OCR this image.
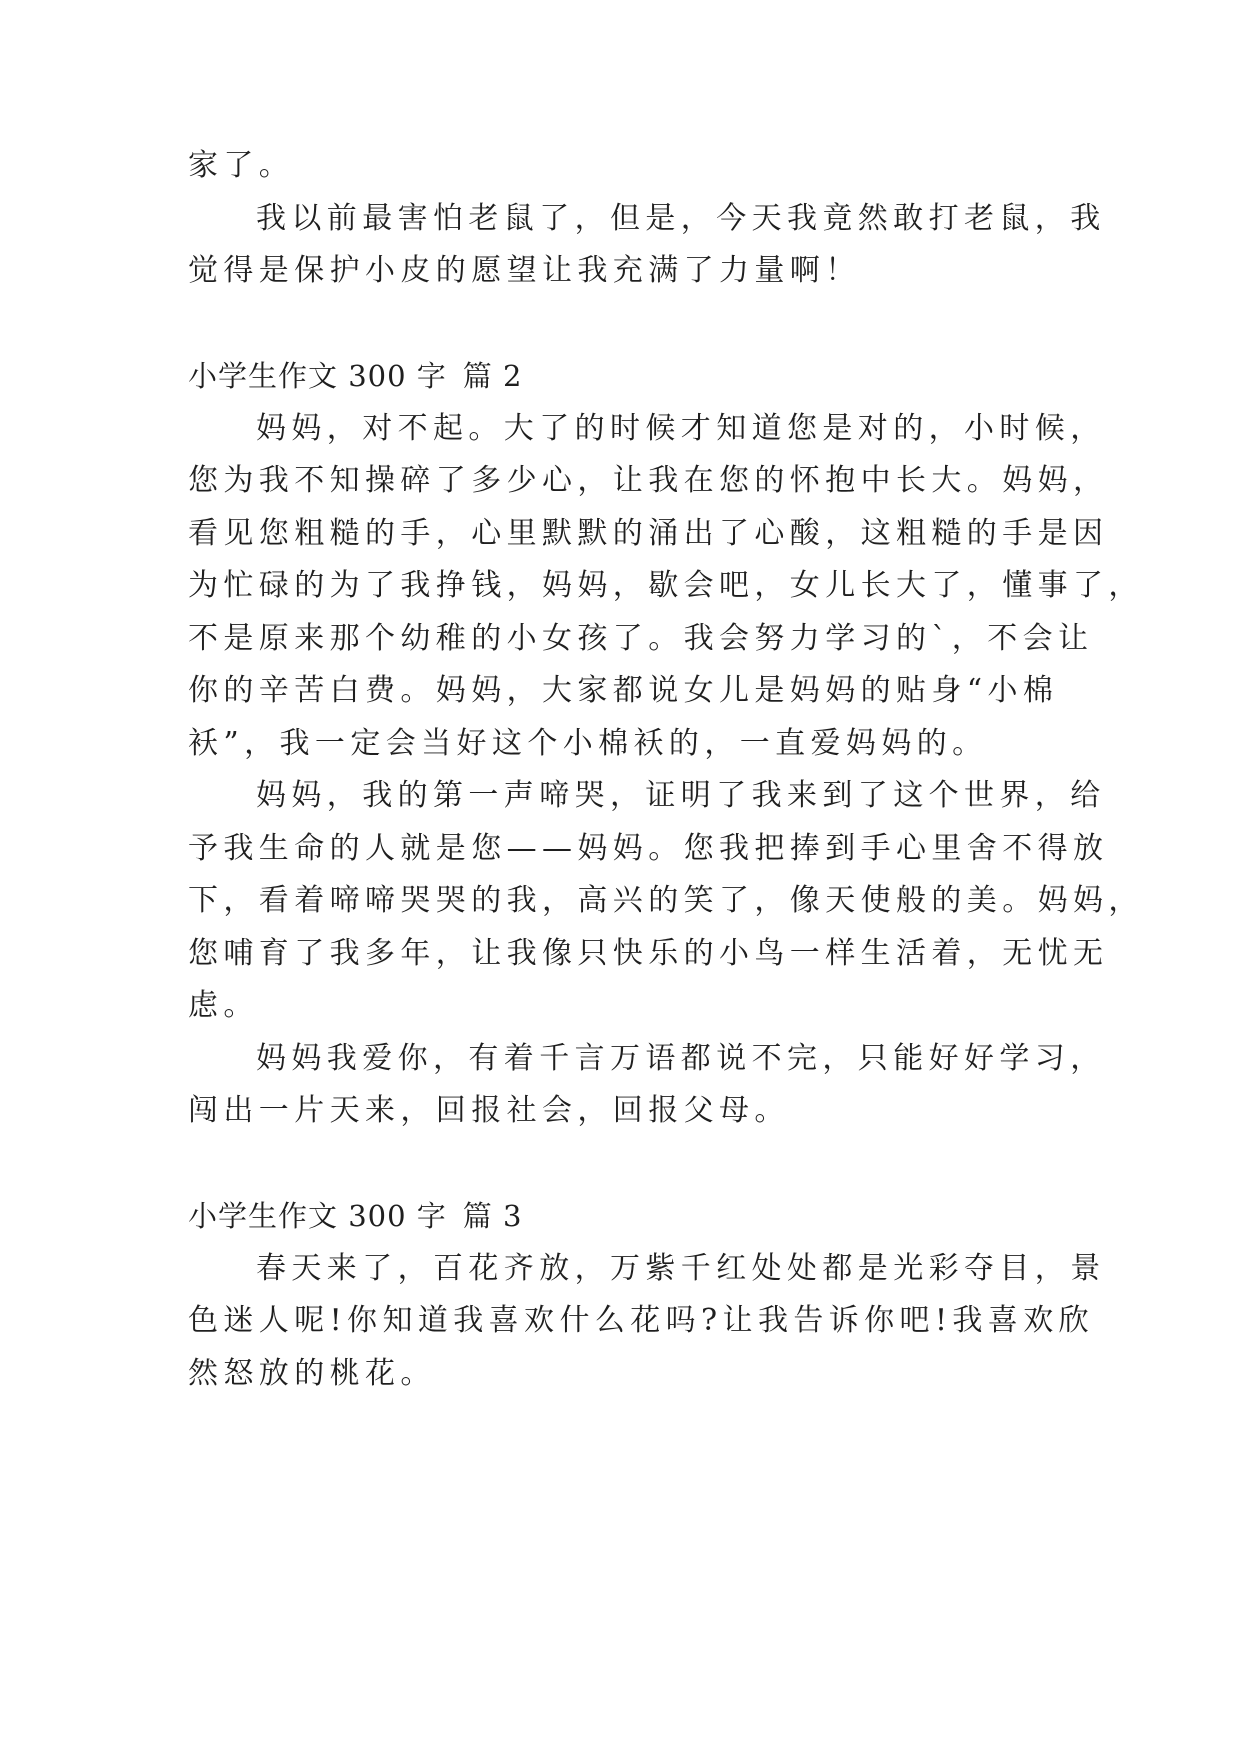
家了。
我以前最害怕老鼠了，但是，今天我竟然敢打老鼠，我
觉得是保护小皮的愿望让我充满了力量啊！
小学生作文 300 字 篇 2
妈妈，对不起。大了的时候才知道您是对的，小时候，
您为我不知操碎了多少心，让我在您的怀抱中长大。妈妈，
看见您粗糙的手，心里默默的涌出了心酸，这粗糙的手是因
为忙碌的为了我挣钱，妈妈，歇会吧，女儿长大了，懂事了，
不是原来那个幼稚的小女孩了。我会努力学习的`，不会让
你的辛苦白费。妈妈，大家都说女儿是妈妈的贴身“小棉
袄”，我一定会当好这个小棉袄的，一直爱妈妈的。
妈妈，我的第一声啼哭，证明了我来到了这个世界，给
予我生命的人就是您——妈妈。您我把捧到手心里舍不得放
下，看着啼啼哭哭的我，高兴的笑了，像天使般的美。妈妈，
您哺育了我多年，让我像只快乐的小鸟一样生活着，无忧无
虑。
妈妈我爱你，有着千言万语都说不完，只能好好学习，
闯出一片天来，回报社会，回报父母。
小学生作文 300 字 篇 3
春天来了，百花齐放，万紫千红处处都是光彩夺目，景
色迷人呢!你知道我喜欢什么花吗?让我告诉你吧!我喜欢欣
然怒放的桃花。
